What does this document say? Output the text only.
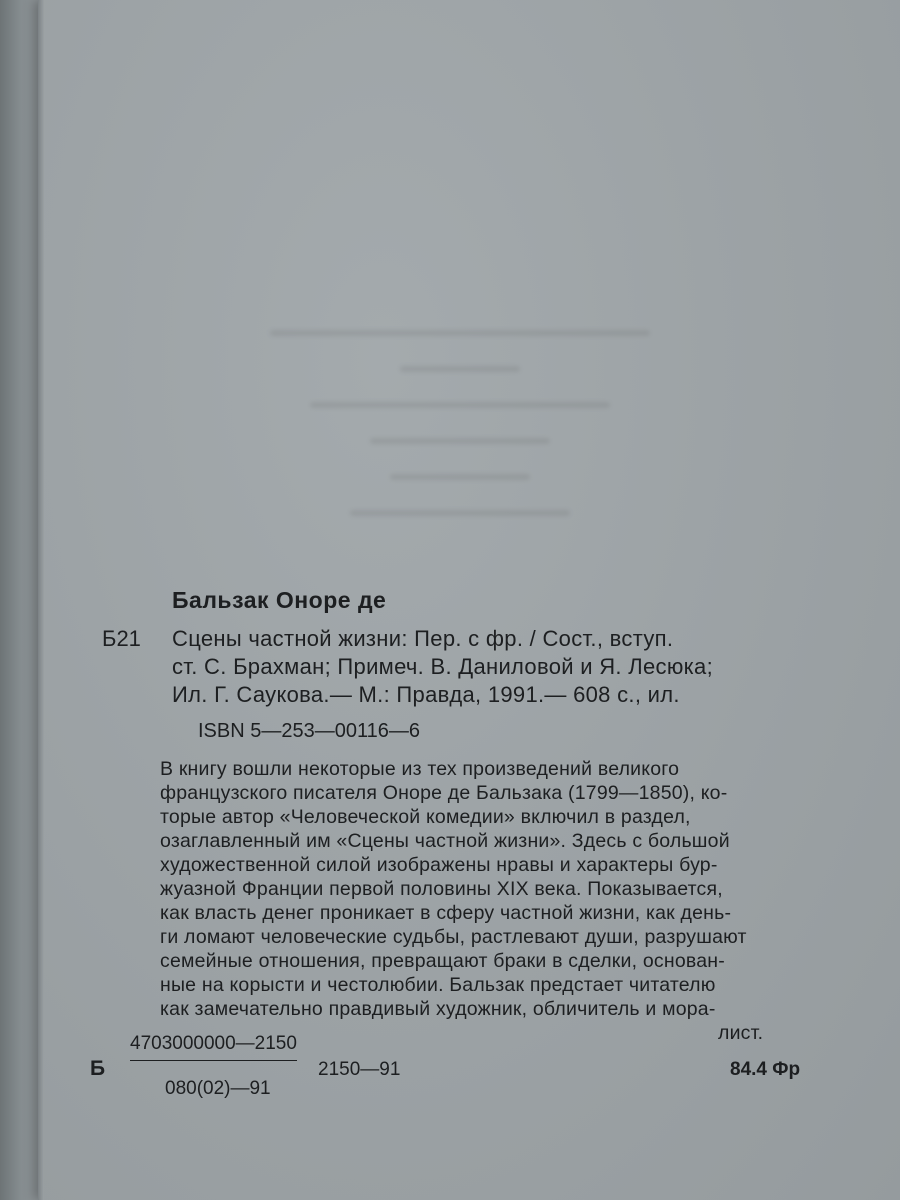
Бальзак Оноре де
Б21 Сцены частной жизни: Пер. с фр. / Сост., вступ.
ст. С. Брахман; Примеч. В. Даниловой и Я. Лесюка;
Ил. Г. Саукова.— М.: Правда, 1991.— 608 с., ил.
ISBN 5—253—00116—6
В книгу вошли некоторые из тех произведений великого
французского писателя Оноре де Бальзака (1799—1850), ко-
торые автор «Человеческой комедии» включил в раздел,
озаглавленный им «Сцены частной жизни». Здесь с большой
художественной силой изображены нравы и характеры бур-
жуазной Франции первой половины XIX века. Показывается,
как власть денег проникает в сферу частной жизни, как день-
ги ломают человеческие судьбы, растлевают души, разрушают
семейные отношения, превращают браки в сделки, основан-
ные на корысти и честолюбии. Бальзак предстает читателю
как замечательно правдивый художник, обличитель и мора-
лист.
Б
4703000000—2150
080(02)—91
2150—91	84.4 Фр
